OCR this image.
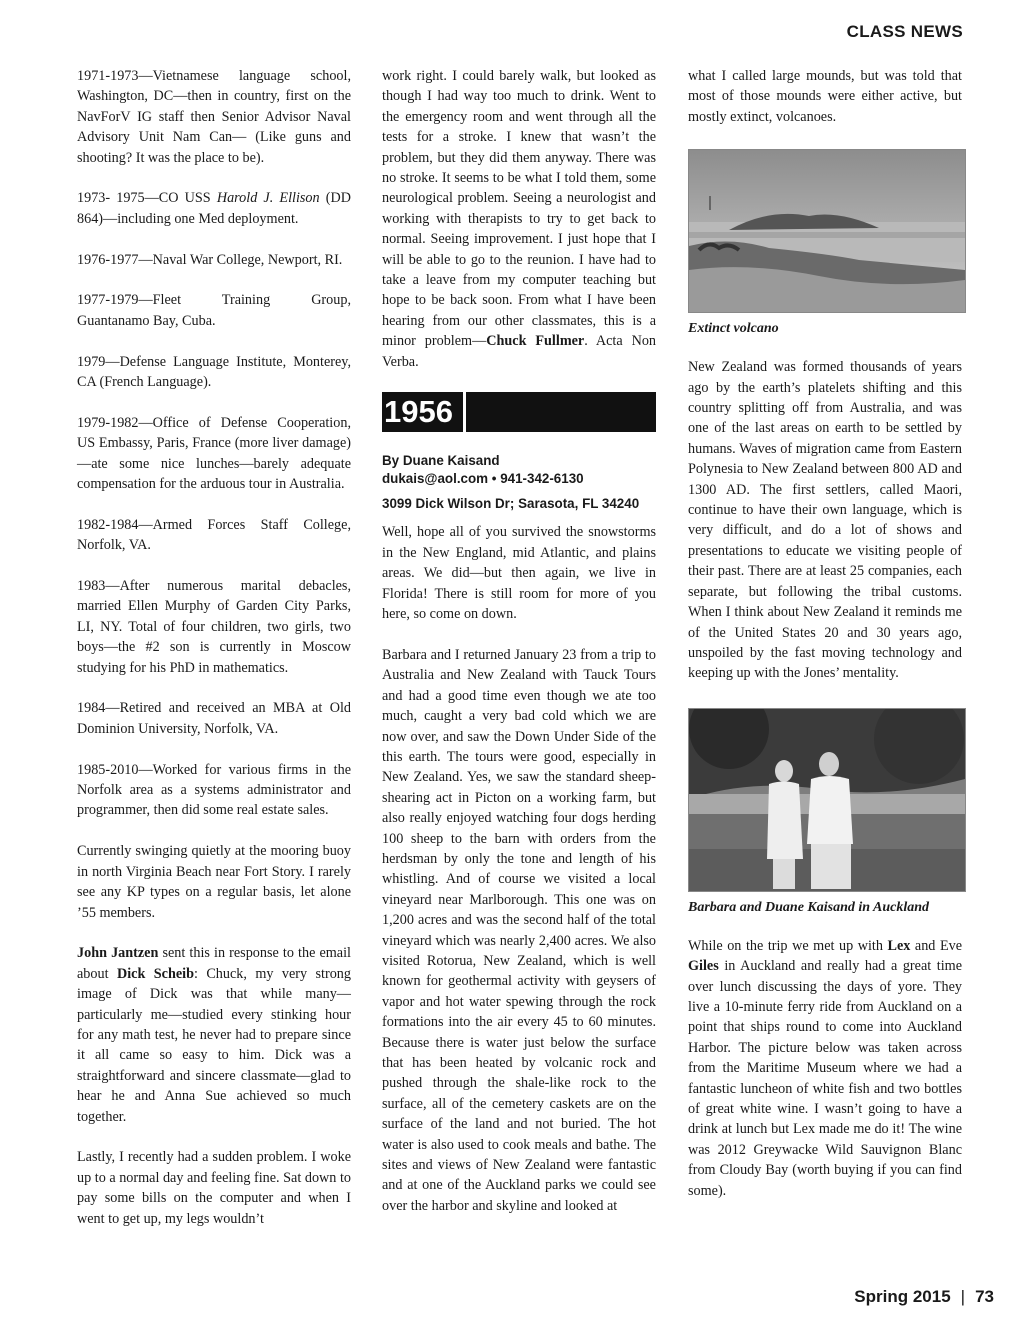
CLASS NEWS

1971-1973—Vietnamese language school, Washington, DC—then in country, first on the NavForV IG staff then Senior Advisor Naval Advisory Unit Nam Can— (Like guns and shooting? It was the place to be).

1973- 1975—CO USS Harold J. Ellison (DD 864)—including one Med deployment.

1976-1977—Naval War College, Newport, RI.

1977-1979—Fleet Training Group, Guantanamo Bay, Cuba.

1979—Defense Language Institute, Monterey, CA (French Language).

1979-1982—Office of Defense Cooperation, US Embassy, Paris, France (more liver damage)—ate some nice lunches—barely adequate compensation for the arduous tour in Australia.

1982-1984—Armed Forces Staff College, Norfolk, VA.

1983—After numerous marital debacles, married Ellen Murphy of Garden City Parks, LI, NY. Total of four children, two girls, two boys—the #2 son is currently in Moscow studying for his PhD in mathematics.

1984—Retired and received an MBA at Old Dominion University, Norfolk, VA.

1985-2010—Worked for various firms in the Norfolk area as a systems administrator and programmer, then did some real estate sales.

Currently swinging quietly at the mooring buoy in north Virginia Beach near Fort Story. I rarely see any KP types on a regular basis, let alone ’55 members.

John Jantzen sent this in response to the email about Dick Scheib: Chuck, my very strong image of Dick was that while many—particularly me—studied every stinking hour for any math test, he never had to prepare since it all came so easy to him. Dick was a straightforward and sincere classmate—glad to hear he and Anna Sue achieved so much together.

Lastly, I recently had a sudden problem. I woke up to a normal day and feeling fine. Sat down to pay some bills on the computer and when I went to get up, my legs wouldn’t

work right. I could barely walk, but looked as though I had way too much to drink. Went to the emergency room and went through all the tests for a stroke. I knew that wasn’t the problem, but they did them anyway. There was no stroke. It seems to be what I told them, some neurological problem. Seeing a neurologist and working with therapists to try to get back to normal. Seeing improvement. I just hope that I will be able to go to the reunion. I have had to take a leave from my computer teaching but hope to be back soon. From what I have been hearing from our other classmates, this is a minor problem—Chuck Fullmer. Acta Non Verba.

1956
By Duane Kaisand
dukais@aol.com • 941-342-6130
3099 Dick Wilson Dr; Sarasota, FL 34240

Well, hope all of you survived the snowstorms in the New England, mid Atlantic, and plains areas. We did—but then again, we live in Florida! There is still room for more of you here, so come on down.

Barbara and I returned January 23 from a trip to Australia and New Zealand with Tauck Tours and had a good time even though we ate too much, caught a very bad cold which we are now over, and saw the Down Under Side of the this earth. The tours were good, especially in New Zealand. Yes, we saw the standard sheep-shearing act in Picton on a working farm, but also really enjoyed watching four dogs herding 100 sheep to the barn with orders from the herdsman by only the tone and length of his whistling. And of course we visited a local vineyard near Marlborough. This one was on 1,200 acres and was the second half of the total vineyard which was nearly 2,400 acres. We also visited Rotorua, New Zealand, which is well known for geothermal activity with geysers of vapor and hot water spewing through the rock formations into the air every 45 to 60 minutes. Because there is water just below the surface that has been heated by volcanic rock and pushed through the shale-like rock to the surface, all of the cemetery caskets are on the surface of the land and not buried. The hot water is also used to cook meals and bathe. The sites and views of New Zealand were fantastic and at one of the Auckland parks we could see over the harbor and skyline and looked at

what I called large mounds, but was told that most of those mounds were either active, but mostly extinct, volcanoes.

Extinct volcano

New Zealand was formed thousands of years ago by the earth’s platelets shifting and this country splitting off from Australia, and was one of the last areas on earth to be settled by humans. Waves of migration came from Eastern Polynesia to New Zealand between 800 AD and 1300 AD. The first settlers, called Maori, continue to have their own language, which is very difficult, and do a lot of shows and presentations to educate we visiting people of their past. There are at least 25 companies, each separate, but following the tribal customs. When I think about New Zealand it reminds me of the United States 20 and 30 years ago, unspoiled by the fast moving technology and keeping up with the Jones’ mentality.

Barbara and Duane Kaisand in Auckland

While on the trip we met up with Lex and Eve Giles in Auckland and really had a great time over lunch discussing the days of yore. They live a 10-minute ferry ride from Auckland on a point that ships round to come into Auckland Harbor. The picture below was taken across from the Maritime Museum where we had a fantastic luncheon of white fish and two bottles of great white wine. I wasn’t going to have a drink at lunch but Lex made me do it! The wine was 2012 Greywacke Wild Sauvignon Blanc from Cloudy Bay (worth buying if you can find some).

Spring 2015 | 73
